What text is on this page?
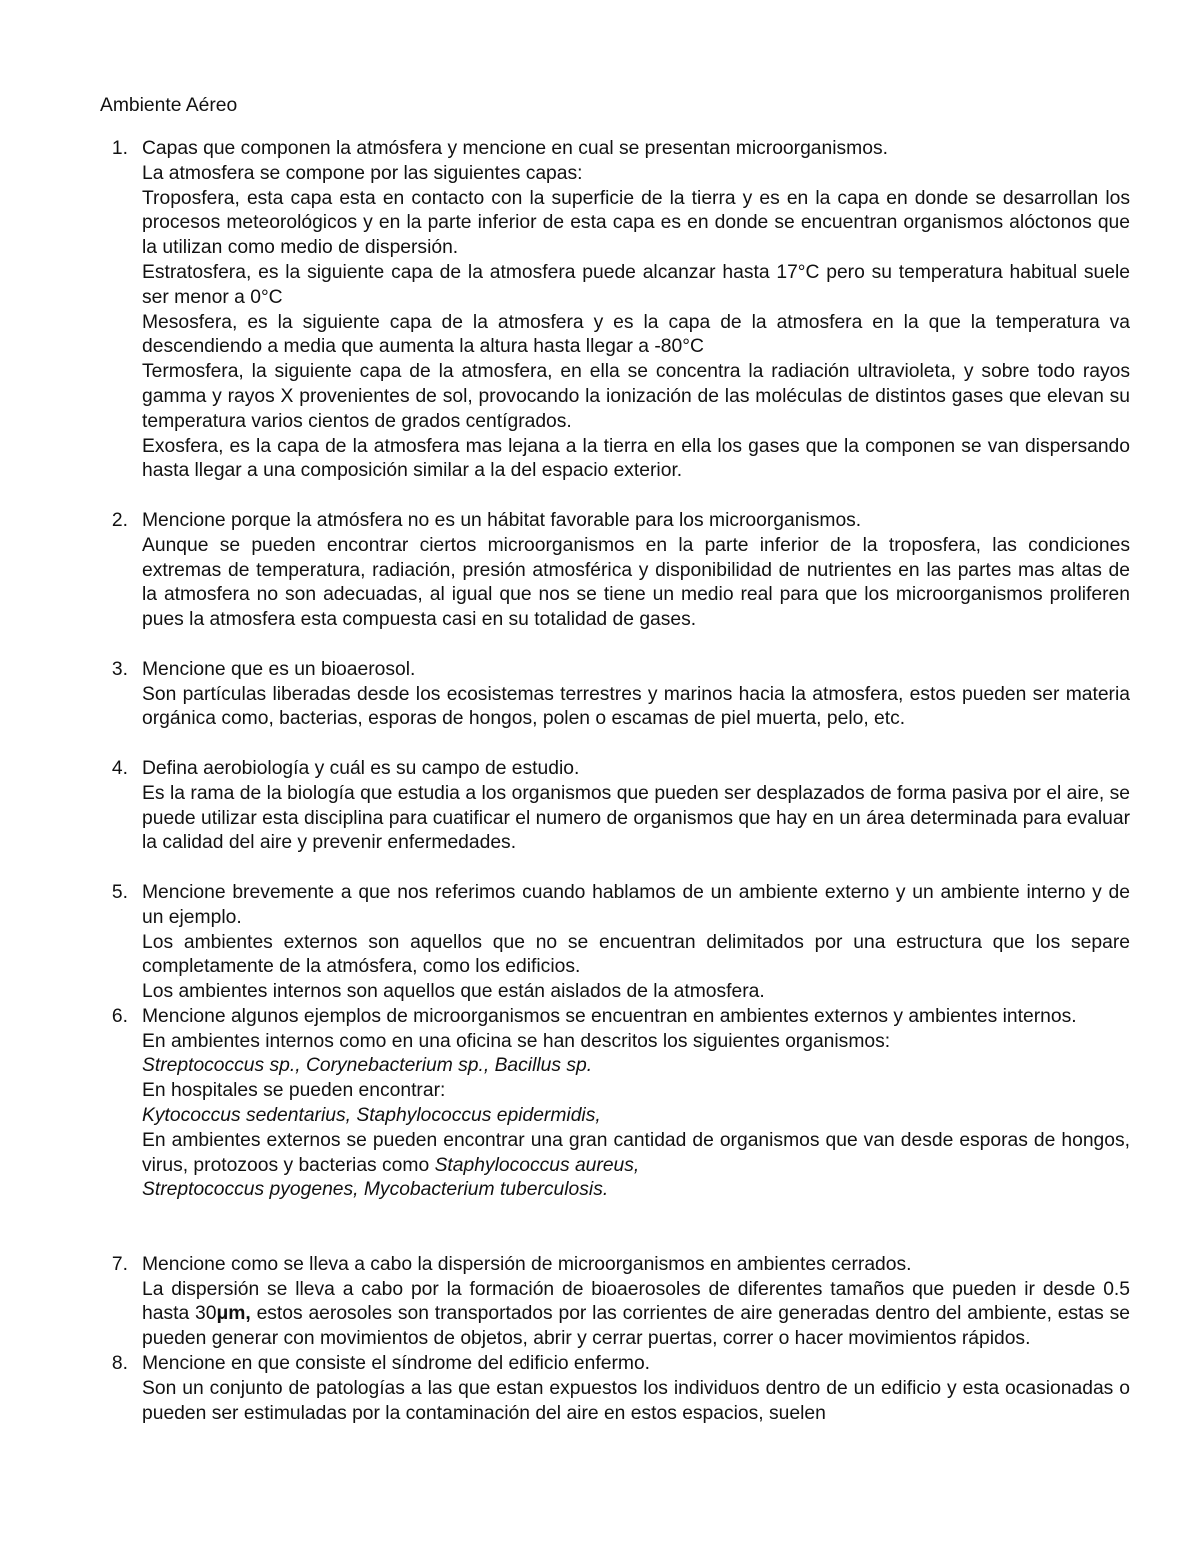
Ambiente Aéreo
1. Capas que componen la atmósfera y mencione en cual se presentan microorganismos.
La atmosfera se compone por las siguientes capas:
Troposfera, esta capa esta en contacto con la superficie de la tierra y es en la capa en donde se desarrollan los procesos meteorológicos y en la parte inferior de esta capa es en donde se encuentran organismos alóctonos que la utilizan como medio de dispersión.
Estratosfera, es la siguiente capa de la atmosfera puede alcanzar hasta 17°C pero su temperatura habitual suele ser menor a 0°C
Mesosfera, es la siguiente capa de la atmosfera y es la capa de la atmosfera en la que la temperatura va descendiendo a media que aumenta la altura hasta llegar a -80°C
Termosfera, la siguiente capa de la atmosfera, en ella se concentra la radiación ultravioleta, y sobre todo rayos gamma y rayos X provenientes de sol, provocando la ionización de las moléculas de distintos gases que elevan su temperatura varios cientos de grados centígrados.
Exosfera, es la capa de la atmosfera mas lejana a la tierra en ella los gases que la componen se van dispersando hasta llegar a una composición similar a la del espacio exterior.
2. Mencione porque la atmósfera no es un hábitat favorable para los microorganismos.
Aunque se pueden encontrar ciertos microorganismos en la parte inferior de la troposfera, las condiciones extremas de temperatura, radiación, presión atmosférica y disponibilidad de nutrientes en las partes mas altas de la atmosfera no son adecuadas, al igual que nos se tiene un medio real para que los microorganismos proliferen pues la atmosfera esta compuesta casi en su totalidad de gases.
3. Mencione que es un bioaerosol.
Son partículas liberadas desde los ecosistemas terrestres y marinos hacia la atmosfera, estos pueden ser materia orgánica como, bacterias, esporas de hongos, polen o escamas de piel muerta, pelo, etc.
4. Defina aerobiología y cuál es su campo de estudio.
Es la rama de la biología que estudia a los organismos que pueden ser desplazados de forma pasiva por el aire, se puede utilizar esta disciplina para cuatificar el numero de organismos que hay en un área determinada para evaluar la calidad del aire y prevenir enfermedades.
5. Mencione brevemente a que nos referimos cuando hablamos de un ambiente externo y un ambiente interno y de un ejemplo.
Los ambientes externos son aquellos que no se encuentran delimitados por una estructura que los separe completamente de la atmósfera, como los edificios.
Los ambientes internos son aquellos que están aislados de la atmosfera.
6. Mencione algunos ejemplos de microorganismos se encuentran en ambientes externos y ambientes internos.
En ambientes internos como en una oficina se han descritos los siguientes organismos:
Streptococcus sp., Corynebacterium sp., Bacillus sp.
En hospitales se pueden encontrar:
Kytococcus sedentarius, Staphylococcus epidermidis,
En ambientes externos se pueden encontrar una gran cantidad de organismos que van desde esporas de hongos, virus, protozoos y bacterias como Staphylococcus aureus,
Streptococcus pyogenes, Mycobacterium tuberculosis.
7. Mencione como se lleva a cabo la dispersión de microorganismos en ambientes cerrados.
La dispersión se lleva a cabo por la formación de bioaerosoles de diferentes tamaños que pueden ir desde 0.5 hasta 30μm, estos aerosoles son transportados por las corrientes de aire generadas dentro del ambiente, estas se pueden generar con movimientos de objetos, abrir y cerrar puertas, correr o hacer movimientos rápidos.
8. Mencione en que consiste el síndrome del edificio enfermo.
Son un conjunto de patologías a las que estan expuestos los individuos dentro de un edificio y esta ocasionadas o pueden ser estimuladas por la contaminación del aire en estos espacios, suelen
